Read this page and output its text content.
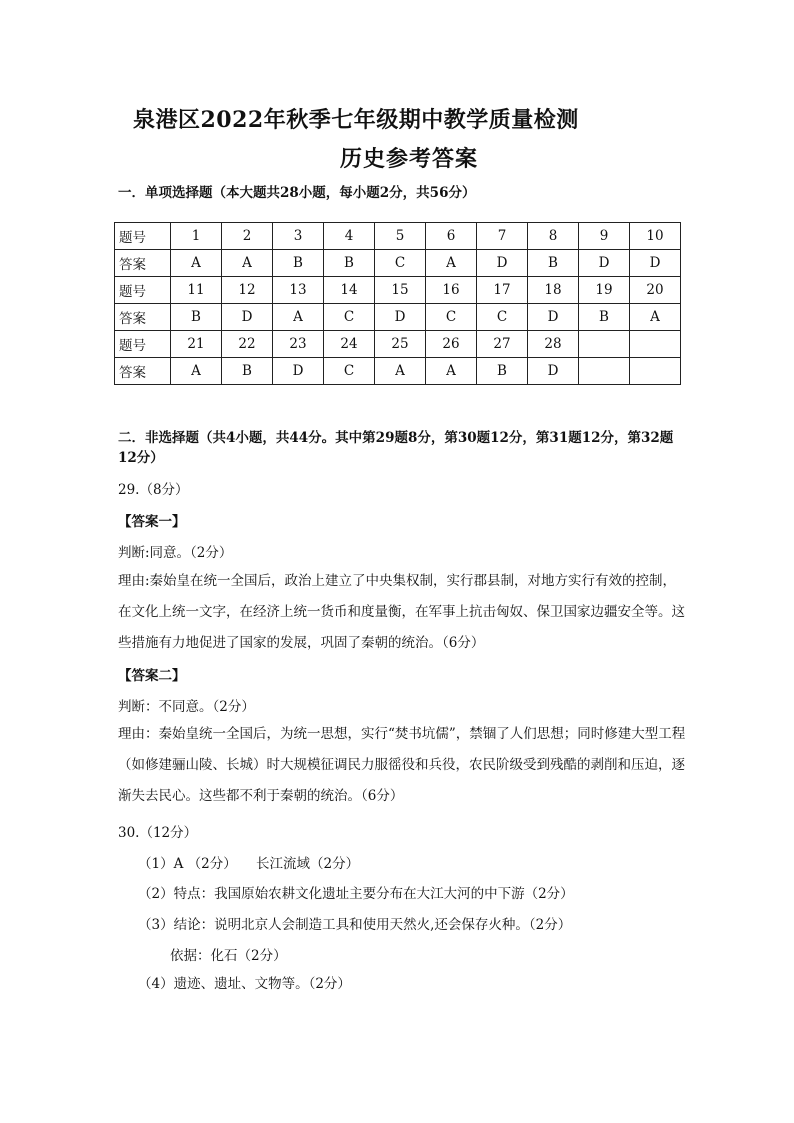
泉港区2022年秋季七年级期中教学质量检测
历史参考答案
一．单项选择题（本大题共28小题，每小题2分，共56分）
题号	1	2	3	4	5	6	7	8	9	10
答案	A	A	B	B	C	A	D	B	D	D
题号	11	12	13	14	15	16	17	18	19	20
答案	B	D	A	C	D	C	C	D	B	A
题号	21	22	23	24	25	26	27	28		
答案	A	B	D	C	A	A	B	D		
二．非选择题（共4小题，共44分。其中第29题8分，第30题12分，第31题12分，第32题12分）
29.（8分）
【答案一】
判断:同意。（2分）
理由:秦始皇在统一全国后，政治上建立了中央集权制，实行郡县制，对地方实行有效的控制，在文化上统一文字，在经济上统一货币和度量衡，在军事上抗击匈奴、保卫国家边疆安全等。这些措施有力地促进了国家的发展，巩固了秦朝的统治。（6分）
【答案二】
判断：不同意。（2分）
理由：秦始皇统一全国后，为统一思想，实行“焚书坑儒”，禁锢了人们思想；同时修建大型工程（如修建骊山陵、长城）时大规模征调民力服徭役和兵役，农民阶级受到残酷的剥削和压迫，逐渐失去民心。这些都不利于秦朝的统治。（6分）
30.（12分）
（1）A （2分） 长江流域（2分）
（2）特点：我国原始农耕文化遗址主要分布在大江大河的中下游（2分）
（3）结论：说明北京人会制造工具和使用天然火,还会保存火种。（2分）
依据：化石（2分）
（4）遗迹、遗址、文物等。（2分）
